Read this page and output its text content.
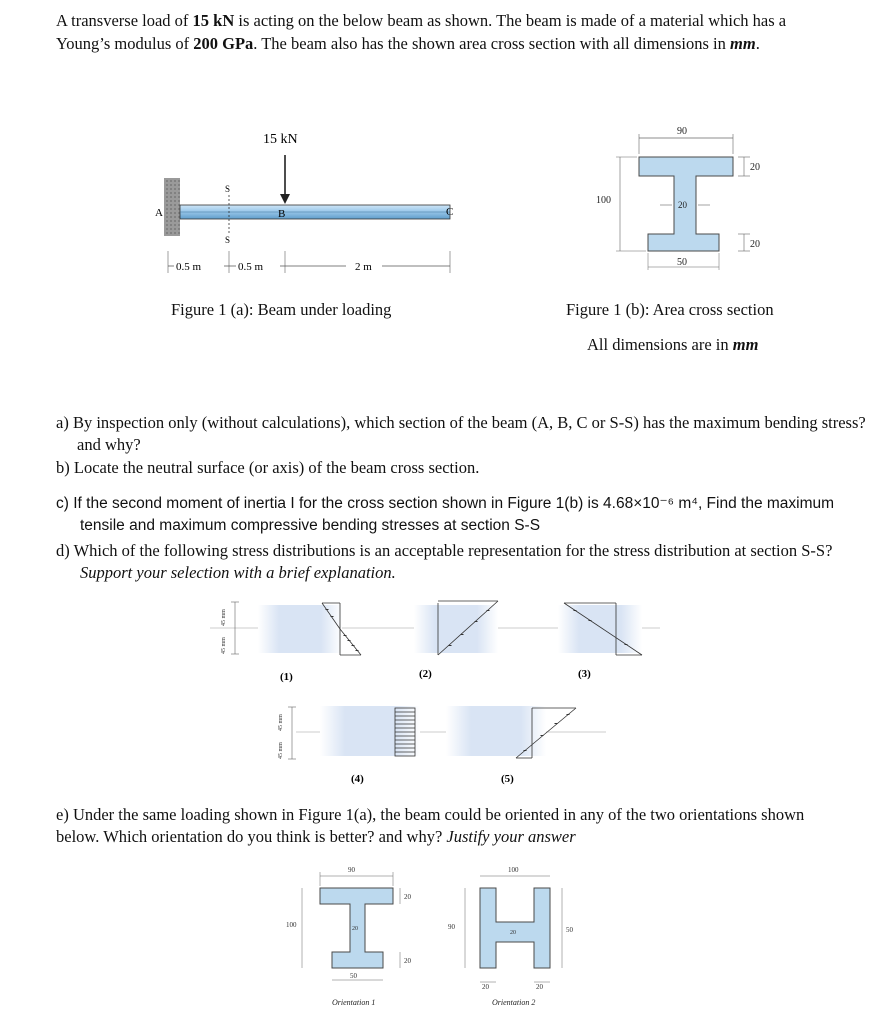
A transverse load of 15 kN is acting on the below beam as shown. The beam is made of a material which has a Young’s modulus of 200 GPa. The beam also has the shown area cross section with all dimensions in mm.
15 kN
A	B	C
S
S
0.5 m	0.5 m	2 m
Figure 1 (a): Beam under loading
90
100	20
20
20
50
Figure 1 (b): Area cross section
All dimensions are in mm
a) By inspection only (without calculations), which section of the beam (A, B, C or S-S) has the maximum bending stress? and why?
b) Locate the neutral surface (or axis) of the beam cross section.
c) If the second moment of inertia I for the cross section shown in Figure 1(b) is 4.68×10⁻⁶ m⁴, Find the maximum tensile and maximum compressive bending stresses at section S-S
d) Which of the following stress distributions is an acceptable representation for the stress distribution at section S-S? Support your selection with a brief explanation.
(1)	(2)	(3)
45 mm
45 mm
(4)	(5)
45 mm
45 mm
e) Under the same loading shown in Figure 1(a), the beam could be oriented in any of the two orientations shown below. Which orientation do you think is better? and why? Justify your answer
90
100	20
20
20
50
Orientation 1
100
90
20	50
20	20
Orientation 2
